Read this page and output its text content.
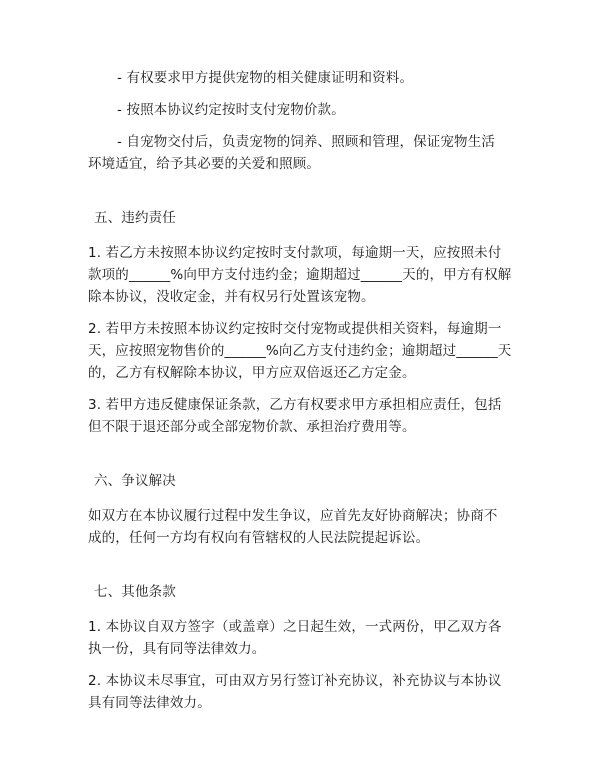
- 有权要求甲方提供宠物的相关健康证明和资料。
- 按照本协议约定按时支付宠物价款。
- 自宠物交付后，负责宠物的饲养、照顾和管理，保证宠物生活
环境适宜，给予其必要的关爱和照顾。
五、违约责任
1. 若乙方未按照本协议约定按时支付款项，每逾期一天，应按照未付
款项的______%向甲方支付违约金；逾期超过______天的，甲方有权解
除本协议，没收定金，并有权另行处置该宠物。
2. 若甲方未按照本协议约定按时交付宠物或提供相关资料，每逾期一
天，应按照宠物售价的______%向乙方支付违约金；逾期超过______天
的，乙方有权解除本协议，甲方应双倍返还乙方定金。
3. 若甲方违反健康保证条款，乙方有权要求甲方承担相应责任，包括
但不限于退还部分或全部宠物价款、承担治疗费用等。
六、争议解决
如双方在本协议履行过程中发生争议，应首先友好协商解决；协商不
成的，任何一方均有权向有管辖权的人民法院提起诉讼。
七、其他条款
1. 本协议自双方签字（或盖章）之日起生效，一式两份，甲乙双方各
执一份，具有同等法律效力。
2. 本协议未尽事宜，可由双方另行签订补充协议，补充协议与本协议
具有同等法律效力。
